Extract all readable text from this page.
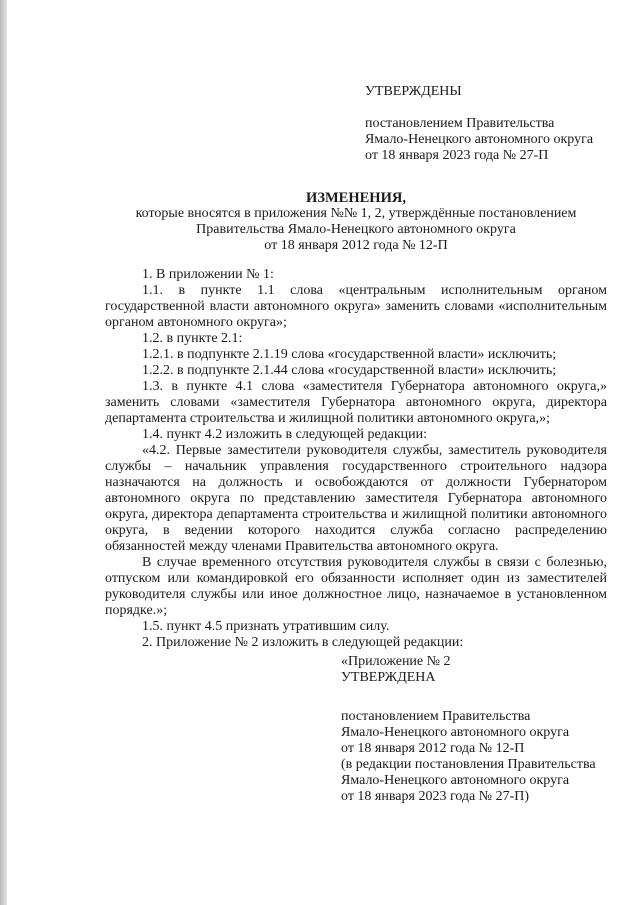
УТВЕРЖДЕНЫ
постановлением Правительства
Ямало-Ненецкого автономного округа
от 18 января 2023 года № 27-П
ИЗМЕНЕНИЯ,
которые вносятся в приложения №№ 1, 2, утверждённые постановлением
Правительства Ямало-Ненецкого автономного округа
от 18 января 2012 года № 12-П

1. В приложении № 1:

1.1. в пункте 1.1 слова «центральным исполнительным органом государственной власти автономного округа» заменить словами «исполнительным органом автономного округа»;

1.2. в пункте 2.1:

1.2.1. в подпункте 2.1.19 слова «государственной власти» исключить;

1.2.2. в подпункте 2.1.44 слова «государственной власти» исключить;

1.3. в пункте 4.1 слова «заместителя Губернатора автономного округа,» заменить словами «заместителя Губернатора автономного округа, директора департамента строительства и жилищной политики автономного округа,»;

1.4. пункт 4.2 изложить в следующей редакции:

«4.2. Первые заместители руководителя службы, заместитель руководителя службы – начальник управления государственного строительного надзора назначаются на должность и освобождаются от должности Губернатором автономного округа по представлению заместителя Губернатора автономного округа, директора департамента строительства и жилищной политики автономного округа, в ведении которого находится служба согласно распределению обязанностей между членами Правительства автономного округа.

В случае временного отсутствия руководителя службы в связи с болезнью, отпуском или командировкой его обязанности исполняет один из заместителей руководителя службы или иное должностное лицо, назначаемое в установленном порядке.»;

1.5. пункт 4.5 признать утратившим силу.

2. Приложение № 2 изложить в следующей редакции:

«Приложение № 2
УТВЕРЖДЕНА
постановлением Правительства
Ямало-Ненецкого автономного округа
от 18 января 2012 года № 12-П
(в редакции постановления Правительства
Ямало-Ненецкого автономного округа
от 18 января 2023 года № 27-П)
